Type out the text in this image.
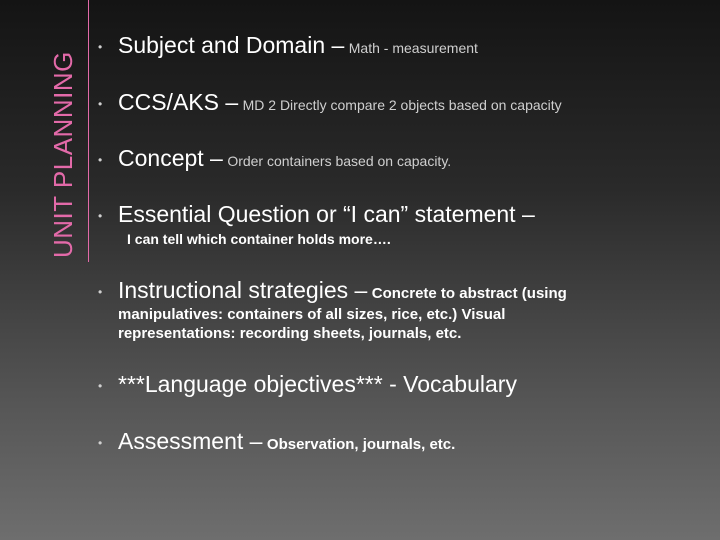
UNIT PLANNING
• Subject and Domain – Math - measurement
• CCS/AKS – MD 2 Directly compare 2 objects based on capacity
• Concept – Order containers based on capacity.
• Essential Question or “I can” statement –
I can tell which container holds more….
• Instructional strategies – Concrete to abstract (using
manipulatives: containers of all sizes, rice, etc.) Visual
representations: recording sheets, journals, etc.
• ***Language objectives*** - Vocabulary
• Assessment – Observation, journals, etc.
